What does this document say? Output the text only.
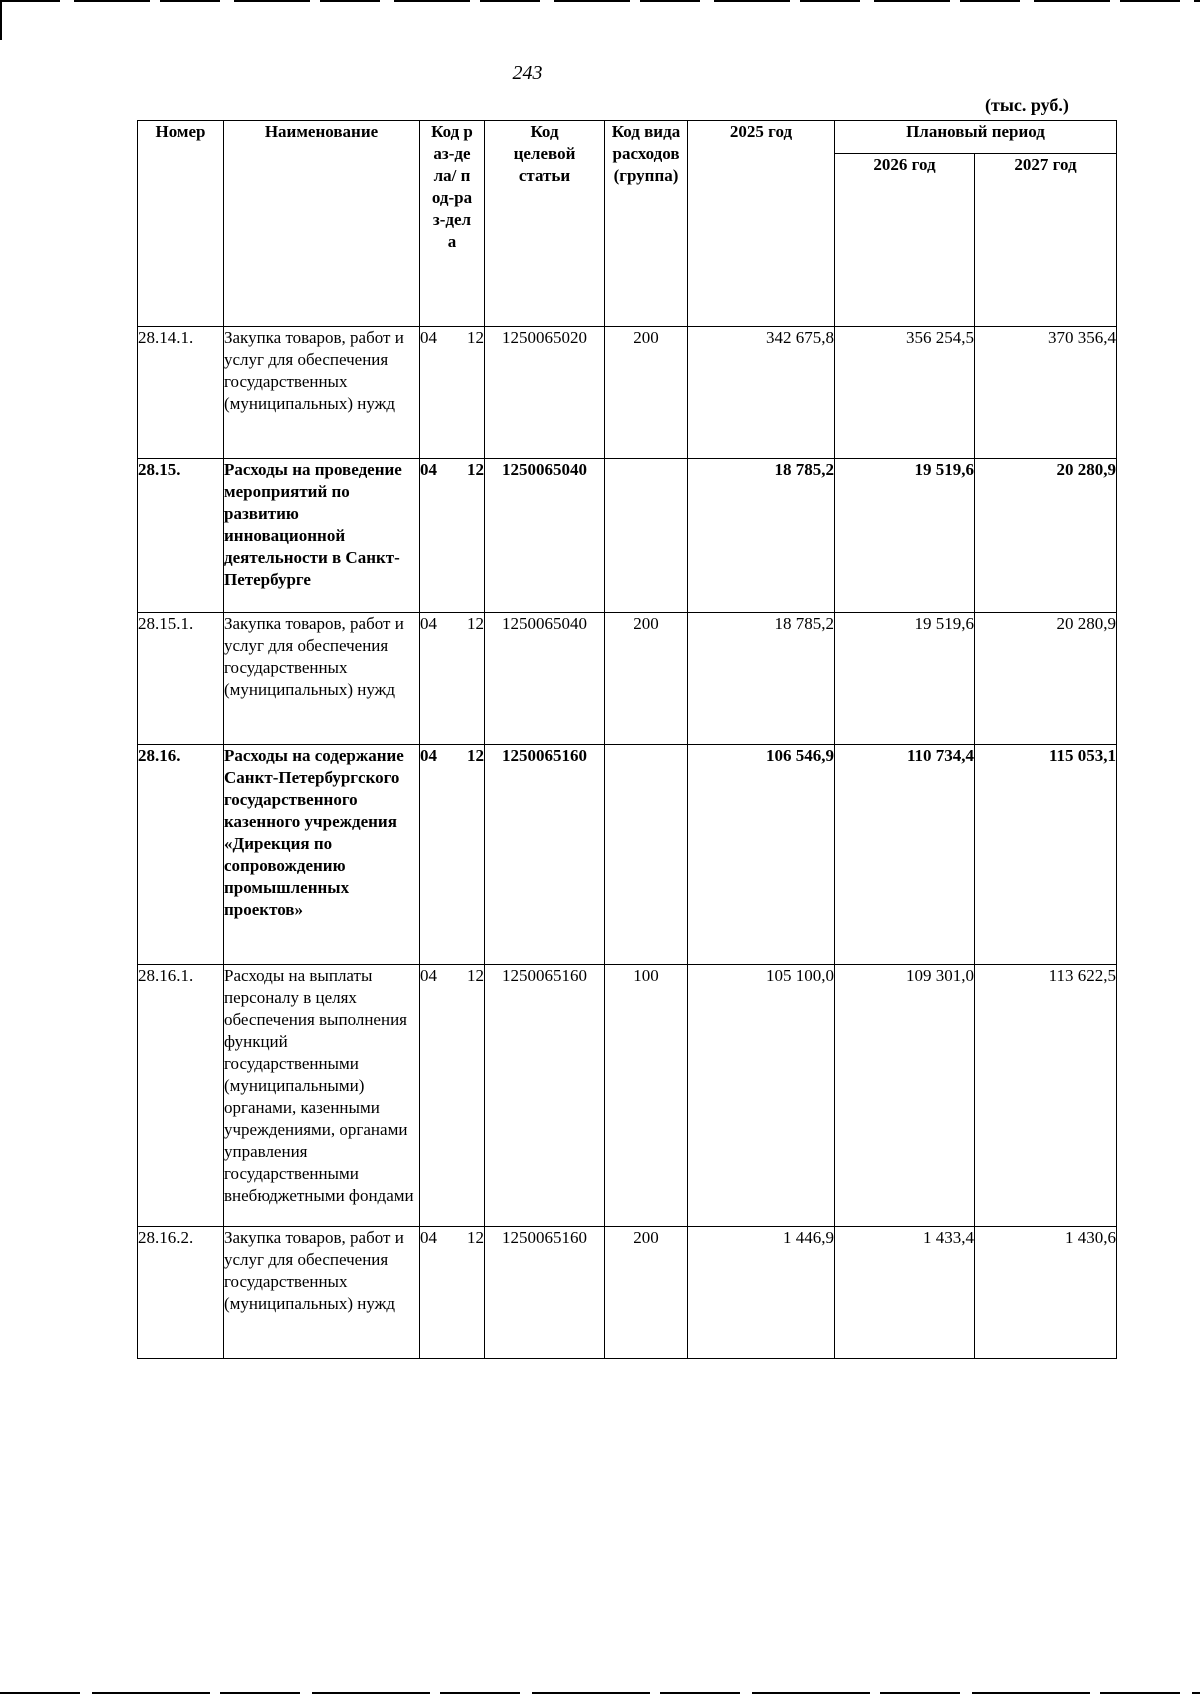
243
(тыс. руб.)
Номер	Наименование	Код раз-дела/ под-раз-дела	Код целевой статьи	Код вида расходов (группа)	2025 год	Плановый период	
						2026 год	2027 год
28.14.1.	Закупка товаров, работ и услуг для обеспечения государственных (муниципальных) нужд	04 12	1250065020	200	342 675,8	356 254,5	370 356,4
28.15.	Расходы на проведение мероприятий по развитию инновационной деятельности в Санкт-Петербурге	04 12	1250065040		18 785,2	19 519,6	20 280,9
28.15.1.	Закупка товаров, работ и услуг для обеспечения государственных (муниципальных) нужд	04 12	1250065040	200	18 785,2	19 519,6	20 280,9
28.16.	Расходы на содержание Санкт-Петербургского государственного казенного учреждения «Дирекция по сопровождению промышленных проектов»	04 12	1250065160		106 546,9	110 734,4	115 053,1
28.16.1.	Расходы на выплаты персоналу в целях обеспечения выполнения функций государственными (муниципальными) органами, казенными учреждениями, органами управления государственными внебюджетными фондами	04 12	1250065160	100	105 100,0	109 301,0	113 622,5
28.16.2.	Закупка товаров, работ и услуг для обеспечения государственных (муниципальных) нужд	04 12	1250065160	200	1 446,9	1 433,4	1 430,6
